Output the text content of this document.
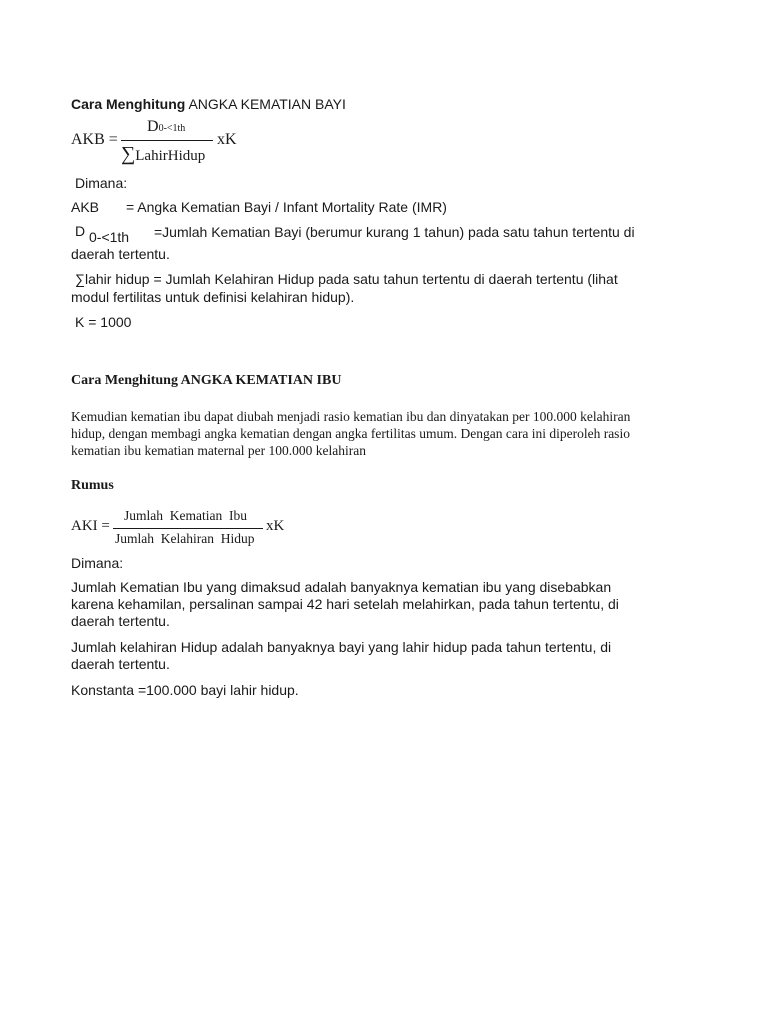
Cara Menghitung ANGKA KEMATIAN BAYI
AKB =
D0-<1th
∑LahirHidup
xK
Dimana:
AKB = Angka Kematian Bayi / Infant Mortality Rate (IMR)
D 0-<1th =Jumlah Kematian Bayi (berumur kurang 1 tahun) pada satu tahun tertentu di
daerah tertentu.
∑lahir hidup = Jumlah Kelahiran Hidup pada satu tahun tertentu di daerah tertentu (lihat
modul fertilitas untuk definisi kelahiran hidup).
K = 1000
Cara Menghitung ANGKA KEMATIAN IBU
Kemudian kematian ibu dapat diubah menjadi rasio kematian ibu dan dinyatakan per 100.000 kelahiran
hidup, dengan membagi angka kematian dengan angka fertilitas umum. Dengan cara ini diperoleh rasio
kematian ibu kematian maternal per 100.000 kelahiran
Rumus
AKI =
Jumlah  Kematian  Ibu
Jumlah  Kelahiran  Hidup
xK
Dimana:
Jumlah Kematian Ibu yang dimaksud adalah banyaknya kematian ibu yang disebabkan
karena kehamilan, persalinan sampai 42 hari setelah melahirkan, pada tahun tertentu, di
daerah tertentu.
Jumlah kelahiran Hidup adalah banyaknya bayi yang lahir hidup pada tahun tertentu, di
daerah tertentu.
Konstanta =100.000 bayi lahir hidup.
